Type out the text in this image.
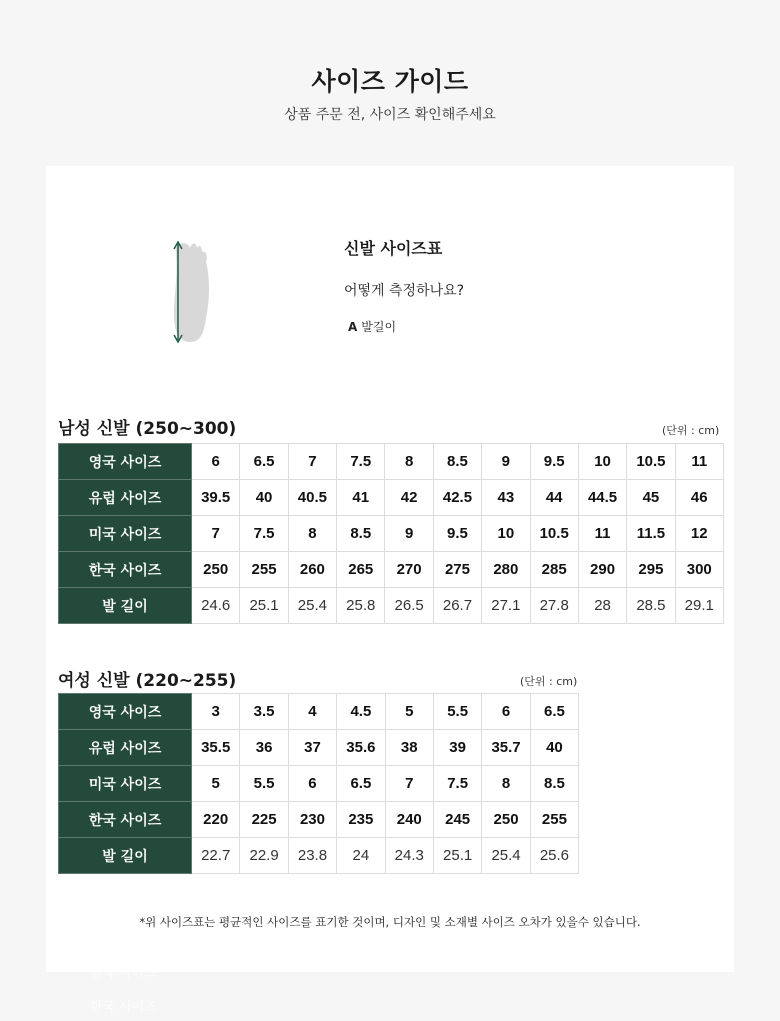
사이즈 가이드
상품 주문 전, 사이즈 확인해주세요
신발 사이즈표
어떻게 측정하나요?
A 발길이
남성 신발 (250~300)	(단위 : cm)
영국 사이즈	6	6.5	7	7.5	8	8.5	9	9.5	10	10.5	11
유럽 사이즈	39.5	40	40.5	41	42	42.5	43	44	44.5	45	46
미국 사이즈	7	7.5	8	8.5	9	9.5	10	10.5	11	11.5	12
한국 사이즈	250	255	260	265	270	275	280	285	290	295	300
발 길이	24.6	25.1	25.4	25.8	26.5	26.7	27.1	27.8	28	28.5	29.1
여성 신발 (220~255)	(단위 : cm)
영국 사이즈	3	3.5	4	4.5	5	5.5	6	6.5
유럽 사이즈	35.5	36	37	35.6	38	39	35.7	40
미국 사이즈	5	5.5	6	6.5	7	7.5	8	8.5
한국 사이즈	220	225	230	235	240	245	250	255
발 길이	22.7	22.9	23.8	24	24.3	25.1	25.4	25.6
*위 사이즈표는 평균적인 사이즈를 표기한 것이며, 디자인 및 소재별 사이즈 오차가 있을수 있습니다.
한국 사이즈
한국 사이즈
